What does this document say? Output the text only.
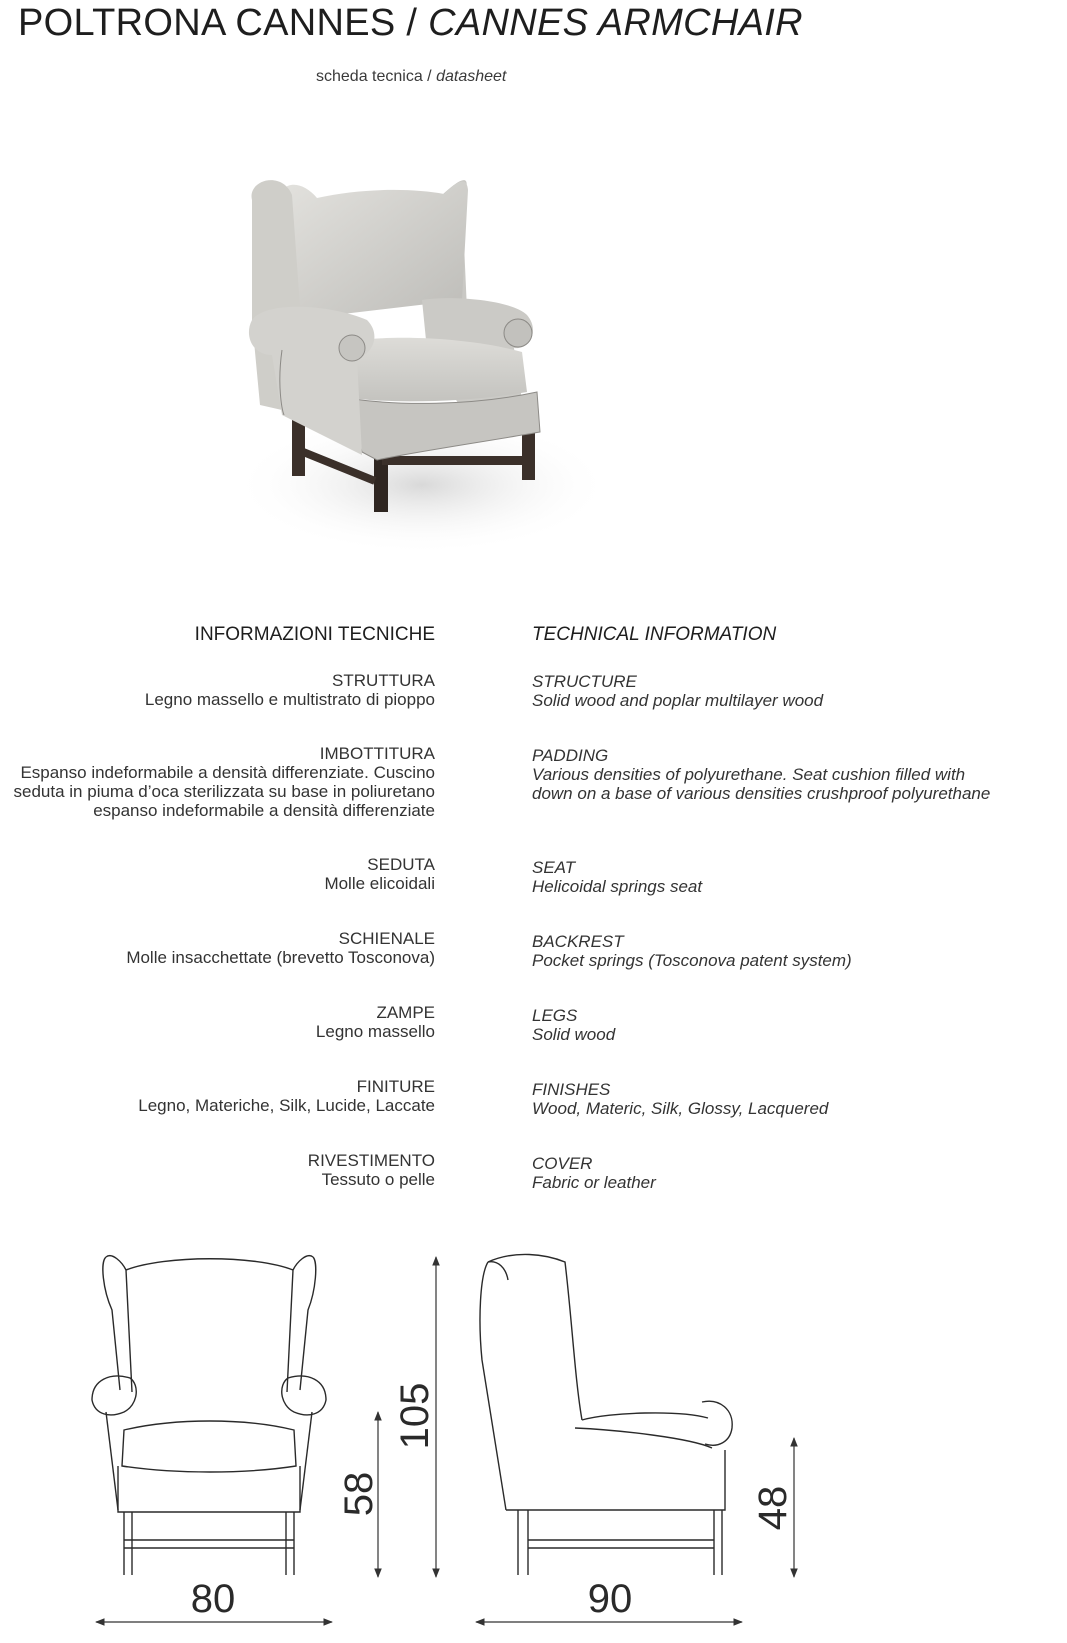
POLTRONA CANNES / CANNES ARMCHAIR
scheda tecnica / datasheet
INFORMAZIONI TECNICHE
STRUTTURA
Legno massello e multistrato di pioppo
IMBOTTITURA
Espanso indeformabile a densità differenziate. Cuscino
seduta in piuma d’oca sterilizzata su base in poliuretano
espanso indeformabile a densità differenziate
SEDUTA
Molle elicoidali
SCHIENALE
Molle insacchettate (brevetto Tosconova)
ZAMPE
Legno massello
FINITURE
Legno, Materiche, Silk, Lucide, Laccate
RIVESTIMENTO
Tessuto o pelle
TECHNICAL INFORMATION
STRUCTURE
Solid wood and poplar multilayer wood
PADDING
Various densities of polyurethane. Seat cushion filled with
down on a base of various densities crushproof polyurethane
SEAT
Helicoidal springs seat
BACKREST
Pocket springs (Tosconova patent system)
LEGS
Solid wood
FINISHES
Wood, Materic, Silk, Glossy, Lacquered
COVER
Fabric or leather
80	90
58
105
48
